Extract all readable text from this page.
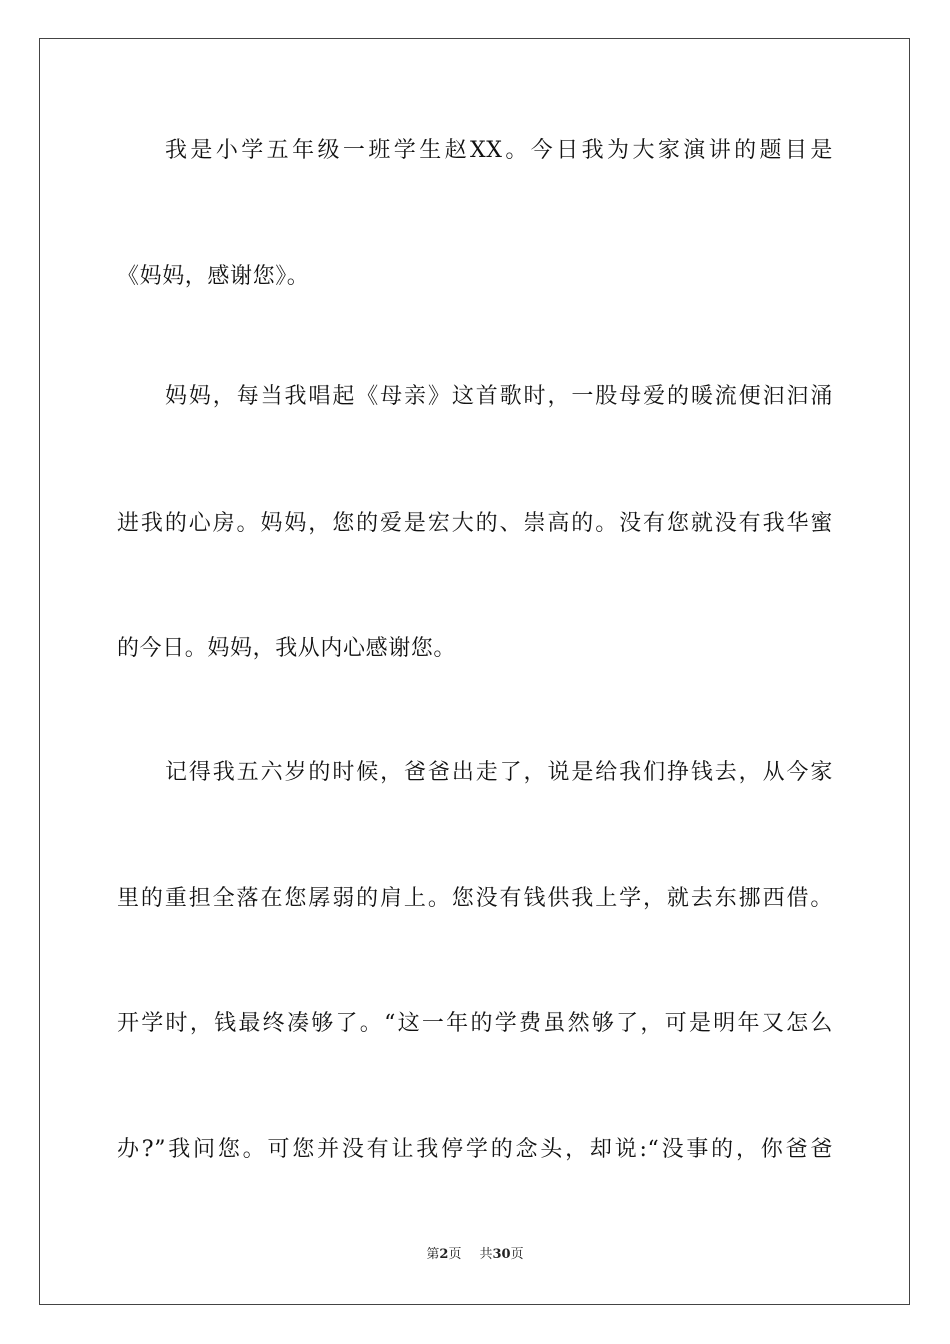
我是小学五年级一班学生赵XX。今日我为大家演讲的题目是
《妈妈，感谢您》。
妈妈，每当我唱起《母亲》这首歌时，一股母爱的暖流便汩汩涌
进我的心房。妈妈，您的爱是宏大的、崇高的。没有您就没有我华蜜
的今日。妈妈，我从内心感谢您。
记得我五六岁的时候，爸爸出走了，说是给我们挣钱去，从今家
里的重担全落在您孱弱的肩上。您没有钱供我上学，就去东挪西借。
开学时，钱最终凑够了。“这一年的学费虽然够了，可是明年又怎么
办?”我问您。可您并没有让我停学的念头，却说:“没事的，你爸爸
第2页 共30页
